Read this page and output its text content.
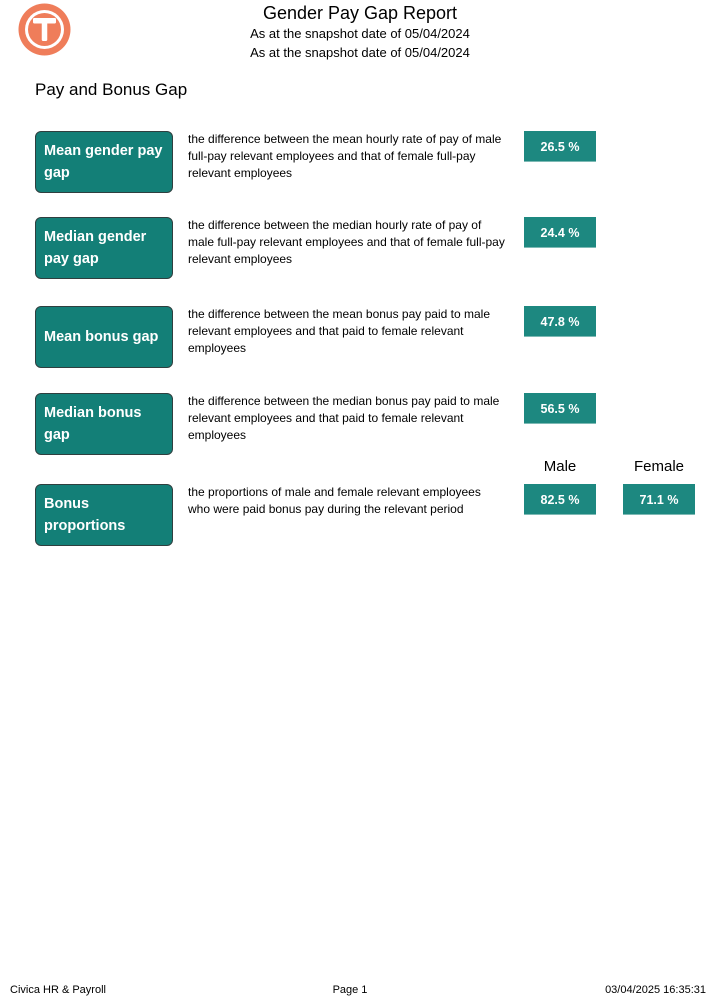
Gender Pay Gap Report
As at the snapshot date of 05/04/2024
As at the snapshot date of 05/04/2024
Pay and Bonus Gap
Mean gender pay gap
the difference between the mean hourly rate of pay of male full-pay relevant employees and that of female full-pay relevant employees
26.5 %
Median gender pay gap
the difference between the median hourly rate of pay of male full-pay relevant employees and that of female full-pay relevant employees
24.4 %
Mean bonus gap
the difference between the mean bonus pay paid to male relevant employees and that paid to female relevant employees
47.8 %
Median bonus gap
the difference between the median bonus pay paid to male relevant employees and that paid to female relevant employees
56.5 %
Male	Female
Bonus proportions
the proportions of male and female relevant employees who were paid bonus pay during the relevant period
82.5 %	71.1 %
Civica HR & Payroll	Page 1	03/04/2025 16:35:31
